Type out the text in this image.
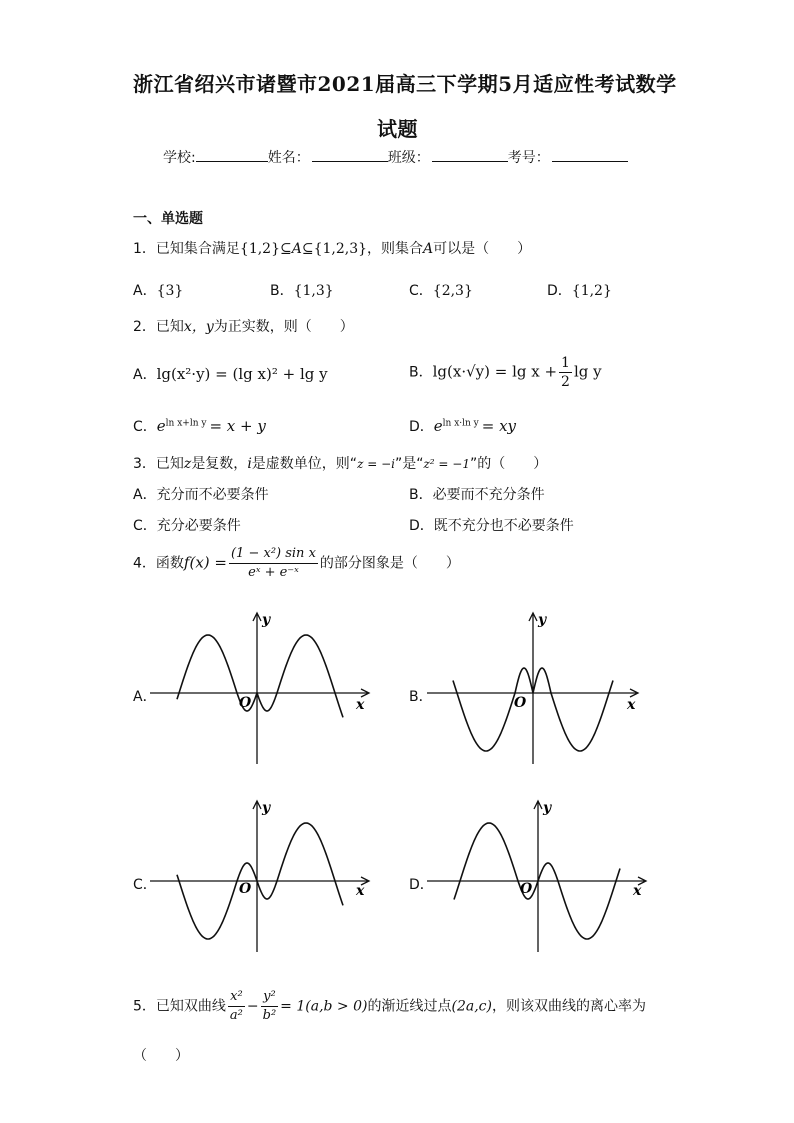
浙江省绍兴市诸暨市2021届高三下学期5月适应性考试数学
试题
学校:	姓名：	班级：	考号：
一、单选题
1．已知集合满足{1,2}⊆A⊆{1,2,3}，则集合A可以是（　　）
A．{3}	B．{1,3}	C．{2,3}	D．{1,2}
2．已知x，y为正实数，则（　　）
A．lg(x²·y) = (lg x)² + lg y	B．$\lg(x\cdot√y) = \lg x + \frac{1}{2}$ lg y
C．$e^{ln x+ln y} = x + y$	D．$e^{ln x\cdot ln y}$ = xy
3．已知z是复数，i是虚数单位，则“z = −i”是“z² = −1”的（　　）
A．充分而不必要条件	B．必要而不充分条件
C．充分必要条件	D．既不充分也不必要条件
4．函数$f(x) = \frac{\text{(1 − x²) sin x}}{\text{eˣ + e⁻ˣ}}$ 的部分图象是（　　）
A．	B．
C．	D．
y
x
O
y
x
O
y
x
O
y
x
O
5．已知双曲线 $\frac{\text{x²}}{\text{a²}} - \frac{\text{y²}}{\text{b²}} = 1(a,b > 0)$的渐近线过点(2a,c)，则该双曲线的离心率为
（　　）
